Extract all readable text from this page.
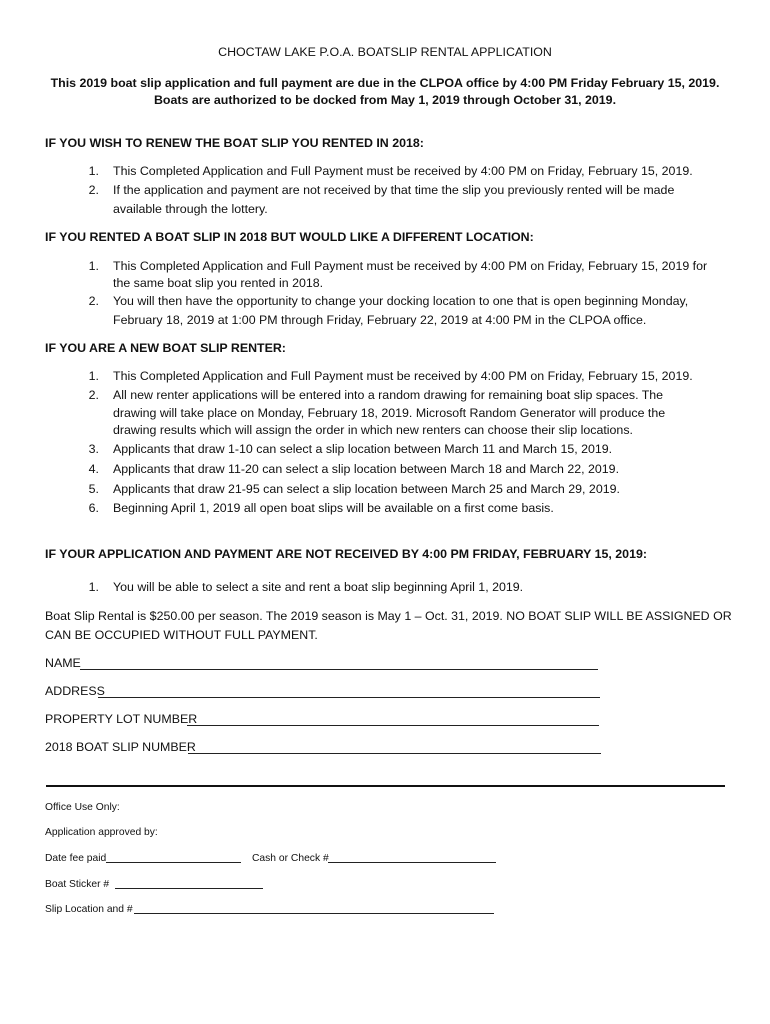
CHOCTAW LAKE P.O.A. BOATSLIP RENTAL APPLICATION
This 2019 boat slip application and full payment are due in the CLPOA office by 4:00 PM Friday February 15, 2019.
Boats are authorized to be docked from May 1, 2019 through October 31, 2019.
IF YOU WISH TO RENEW THE BOAT SLIP YOU RENTED IN 2018:
1. This Completed Application and Full Payment must be received by 4:00 PM on Friday, February 15, 2019.
2. If the application and payment are not received by that time the slip you previously rented will be made
available through the lottery.
IF YOU RENTED A BOAT SLIP IN 2018 BUT WOULD LIKE A DIFFERENT LOCATION:
1. This Completed Application and Full Payment must be received by 4:00 PM on Friday, February 15, 2019 for
the same boat slip you rented in 2018.
2. You will then have the opportunity to change your docking location to one that is open beginning Monday,
February 18, 2019 at 1:00 PM through Friday, February 22, 2019 at 4:00 PM in the CLPOA office.
IF YOU ARE A NEW BOAT SLIP RENTER:
1. This Completed Application and Full Payment must be received by 4:00 PM on Friday, February 15, 2019.
2. All new renter applications will be entered into a random drawing for remaining boat slip spaces. The
drawing will take place on Monday, February 18, 2019. Microsoft Random Generator will produce the
drawing results which will assign the order in which new renters can choose their slip locations.
3. Applicants that draw 1-10 can select a slip location between March 11 and March 15, 2019.
4. Applicants that draw 11-20 can select a slip location between March 18 and March 22, 2019.
5. Applicants that draw 21-95 can select a slip location between March 25 and March 29, 2019.
6. Beginning April 1, 2019 all open boat slips will be available on a first come basis.
IF YOUR APPLICATION AND PAYMENT ARE NOT RECEIVED BY 4:00 PM FRIDAY, FEBRUARY 15, 2019:
1. You will be able to select a site and rent a boat slip beginning April 1, 2019.
Boat Slip Rental is $250.00 per season. The 2019 season is May 1 – Oct. 31, 2019. NO BOAT SLIP WILL BE ASSIGNED OR
CAN BE OCCUPIED WITHOUT FULL PAYMENT.
NAME
ADDRESS
PROPERTY LOT NUMBER
2018 BOAT SLIP NUMBER
Office Use Only:
Application approved by:
Date fee paid	Cash or Check #
Boat Sticker #
Slip Location and #
